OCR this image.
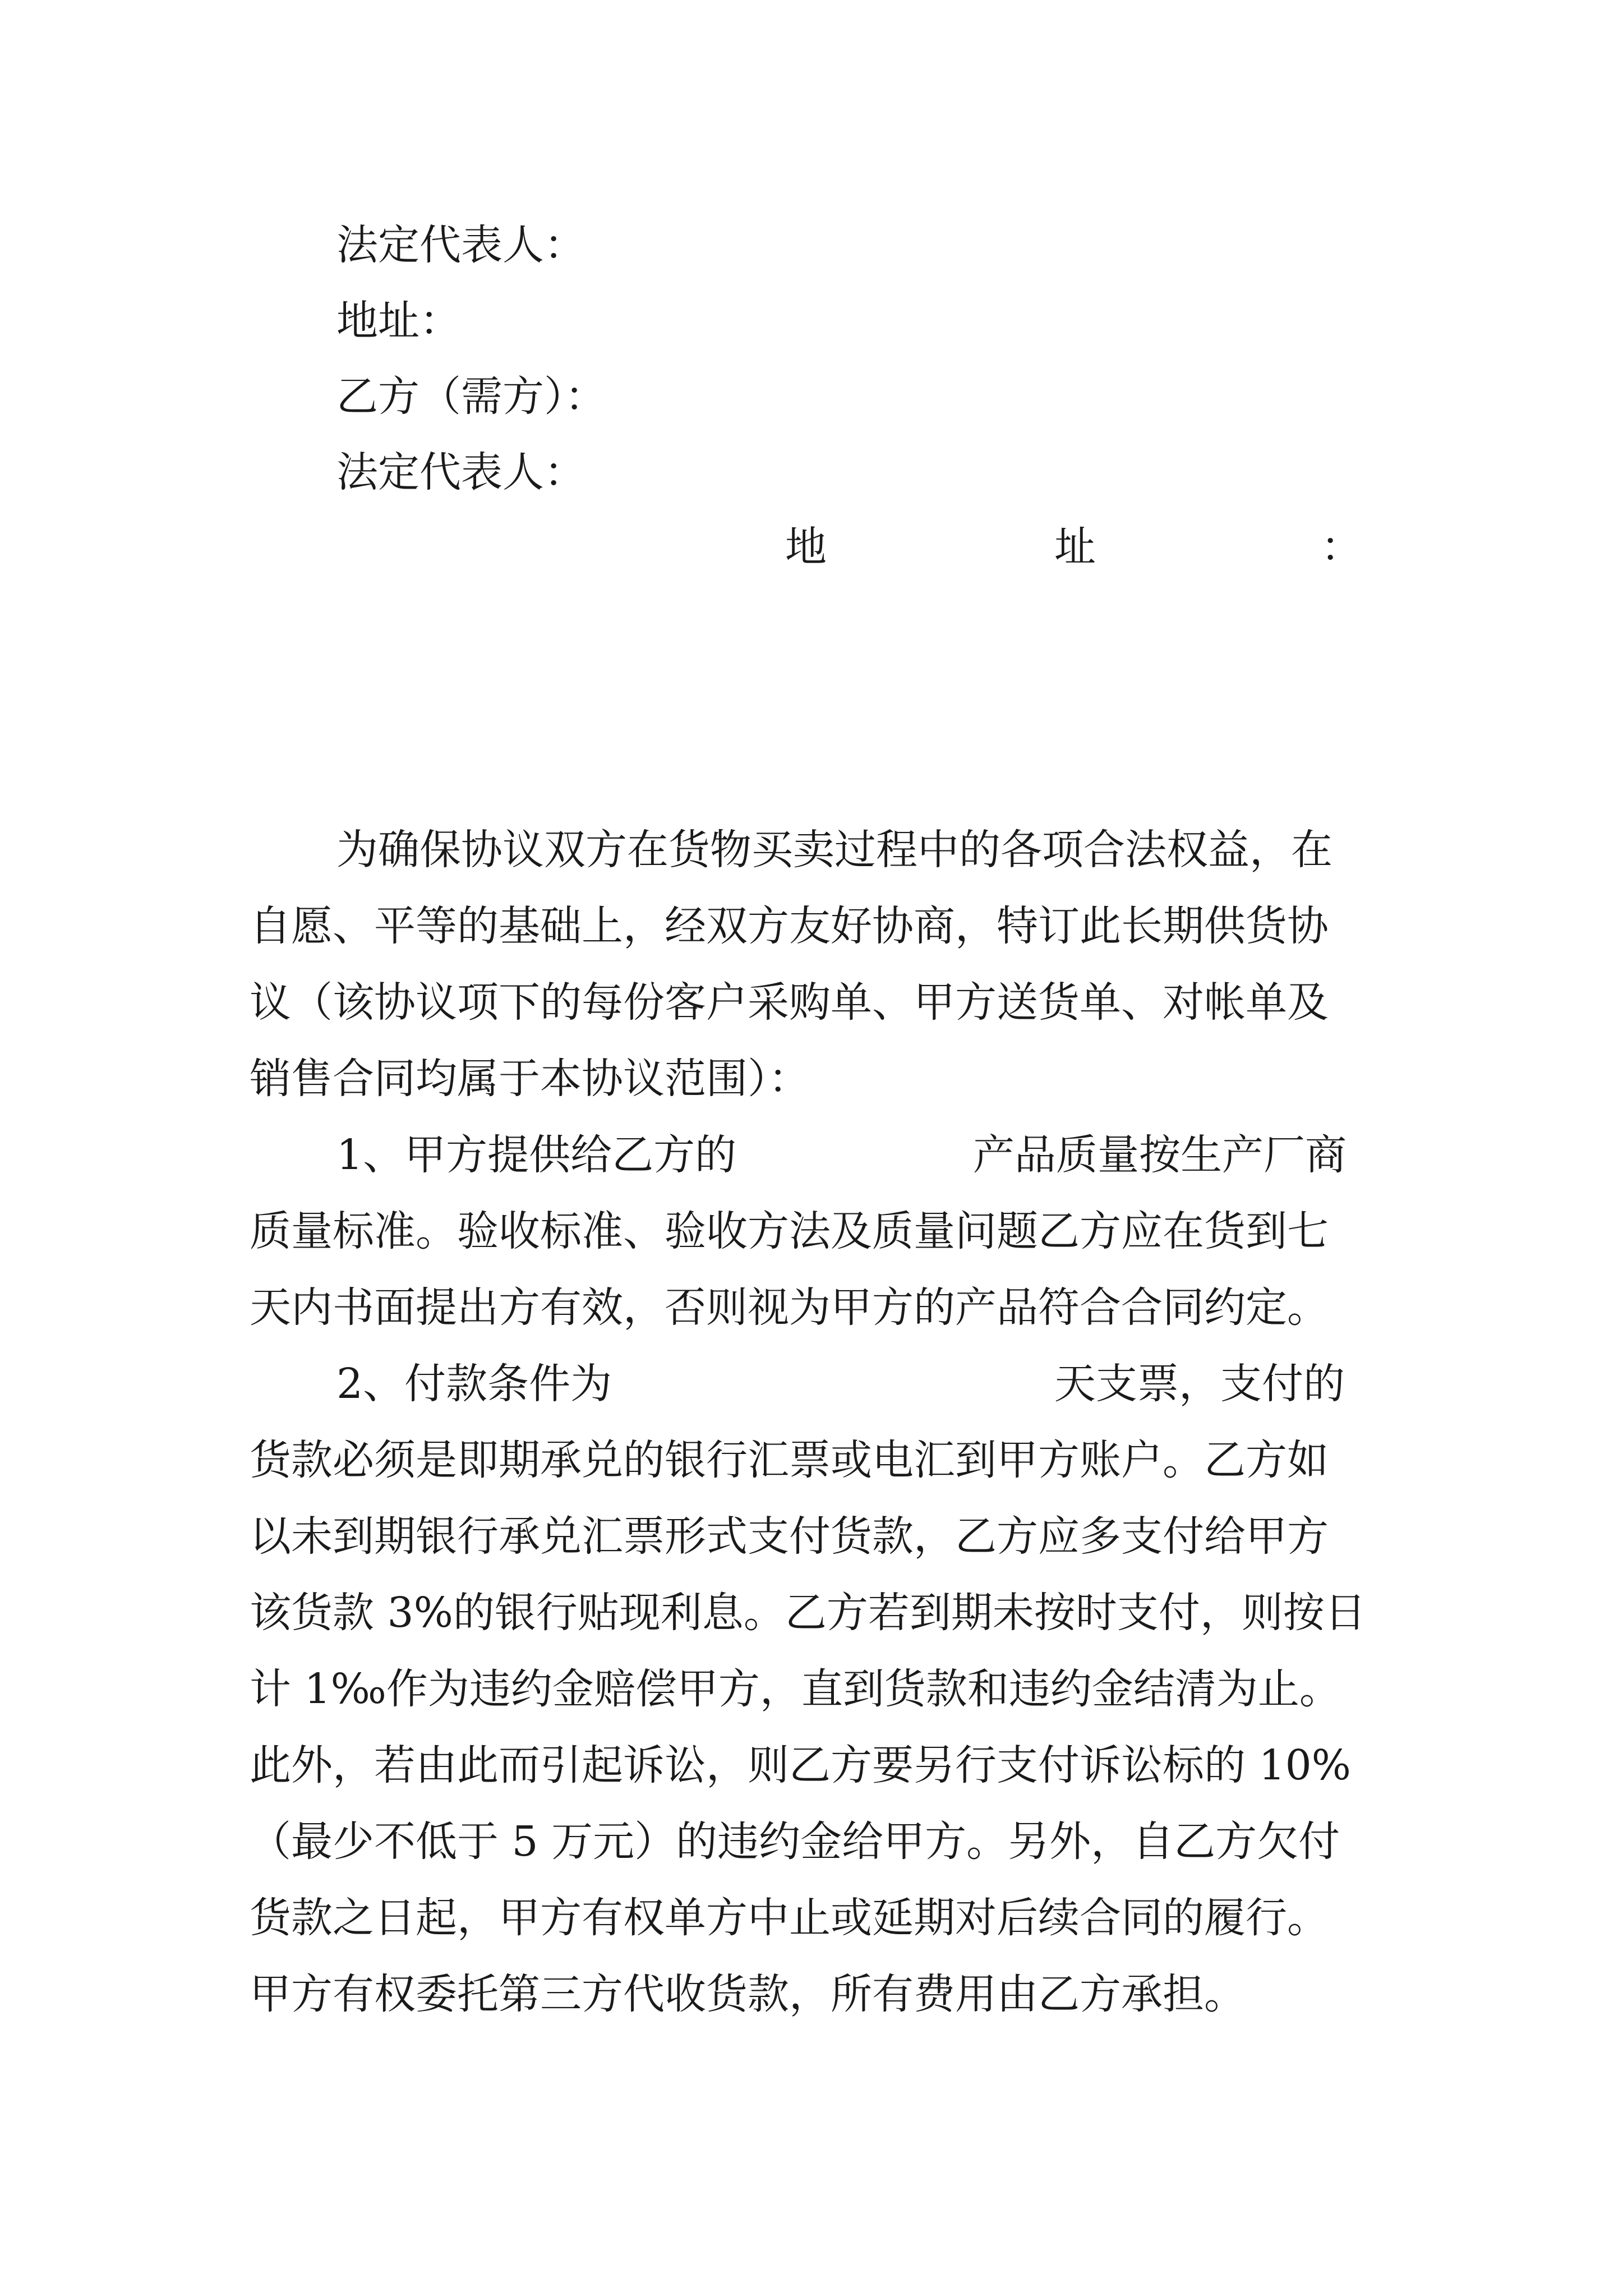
法定代表人：
地址：
乙方（需方）：
法定代表人：
地	址	：
为确保协议双方在货物买卖过程中的各项合法权益，在
自愿、平等的基础上，经双方友好协商，特订此长期供货协
议（该协议项下的每份客户采购单、甲方送货单、对帐单及
销售合同均属于本协议范围）：
1、甲方提供给乙方的	产品质量按生产厂商
质量标准。验收标准、验收方法及质量问题乙方应在货到七
天内书面提出方有效，否则视为甲方的产品符合合同约定。
2、付款条件为	天支票，支付的
货款必须是即期承兑的银行汇票或电汇到甲方账户。乙方如
以未到期银行承兑汇票形式支付货款，乙方应多支付给甲方
该货款 3%的银行贴现利息。乙方若到期未按时支付，则按日
计 1‰作为违约金赔偿甲方，直到货款和违约金结清为止。
此外，若由此而引起诉讼，则乙方要另行支付诉讼标的 10%
（最少不低于 5 万元）的违约金给甲方。另外，自乙方欠付
货款之日起，甲方有权单方中止或延期对后续合同的履行。
甲方有权委托第三方代收货款，所有费用由乙方承担。
